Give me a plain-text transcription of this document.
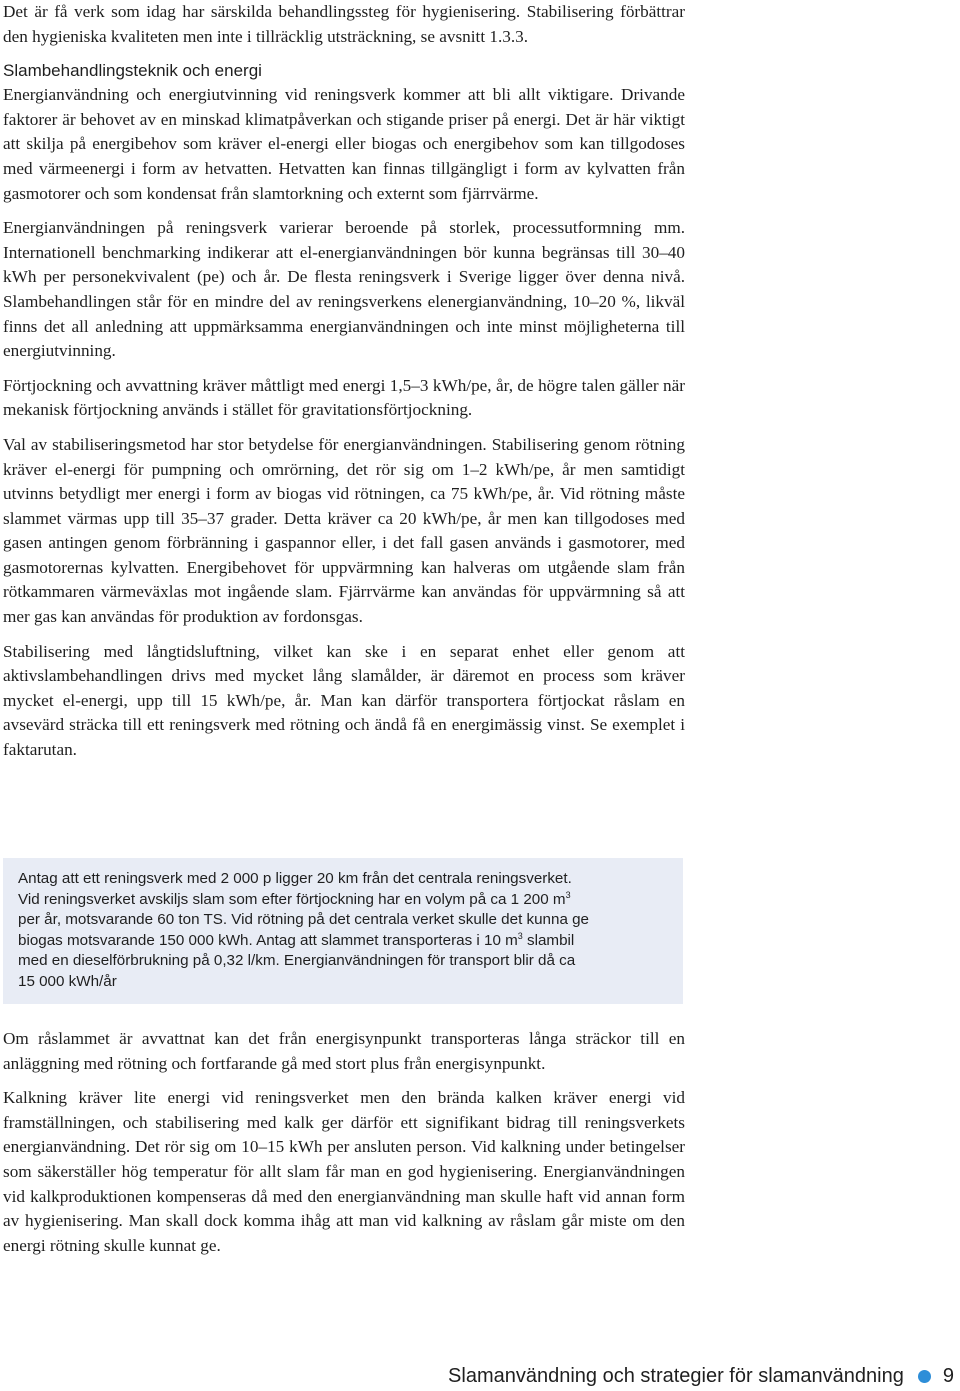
Det är få verk som idag har särskilda behandlingssteg för hygienisering. Stabilisering förbättrar den hygieniska kvaliteten men inte i tillräcklig utsträckning, se avsnitt 1.3.3.

Slambehandlingsteknik och energi

Energianvändning och energiutvinning vid reningsverk kommer att bli allt viktigare. Drivande faktorer är behovet av en minskad klimatpåverkan och stigande priser på energi. Det är här viktigt att skilja på energibehov som kräver el-energi eller biogas och energibehov som kan tillgodoses med värmeenergi i form av hetvatten. Hetvatten kan finnas tillgängligt i form av kylvatten från gasmotorer och som kondensat från slamtorkning och externt som fjärrvärme.

Energianvändningen på reningsverk varierar beroende på storlek, processutformning mm. Internationell benchmarking indikerar att el-energianvändningen bör kunna begränsas till 30–40 kWh per personekvivalent (pe) och år. De flesta reningsverk i Sverige ligger över denna nivå. Slambehandlingen står för en mindre del av reningsverkens elenergianvändning, 10–20 %, likväl finns det all anledning att uppmärksamma energianvändningen och inte minst möjligheterna till energiutvinning.

Förtjockning och avvattning kräver måttligt med energi 1,5–3 kWh/pe, år, de högre talen gäller när mekanisk förtjockning används i stället för gravitationsförtjockning.

Val av stabiliseringsmetod har stor betydelse för energianvändningen. Stabilisering genom rötning kräver el-energi för pumpning och omrörning, det rör sig om 1–2 kWh/pe, år men samtidigt utvinns betydligt mer energi i form av biogas vid rötningen, ca 75 kWh/pe, år. Vid rötning måste slammet värmas upp till 35–37 grader. Detta kräver ca 20 kWh/pe, år men kan tillgodoses med gasen antingen genom förbränning i gaspannor eller, i det fall gasen används i gasmotorer, med gasmotorernas kylvatten. Energibehovet för uppvärmning kan halveras om utgående slam från rötkammaren värmeväxlas mot ingående slam. Fjärrvärme kan användas för uppvärmning så att mer gas kan användas för produktion av fordonsgas.

Stabilisering med långtidsluftning, vilket kan ske i en separat enhet eller genom att aktivslambehandlingen drivs med mycket lång slamålder, är däremot en process som kräver mycket el-energi, upp till 15 kWh/pe, år. Man kan därför transportera förtjockat råslam en avsevärd sträcka till ett reningsverk med rötning och ändå få en energimässig vinst. Se exemplet i faktarutan.

Antag att ett reningsverk med 2 000 p ligger 20 km från det centrala reningsverket.
Vid reningsverket avskiljs slam som efter förtjockning har en volym på ca 1 200 $m^3$
per år, motsvarande 60 ton TS. Vid rötning på det centrala verket skulle det kunna ge
biogas motsvarande 150 000 kWh. Antag att slammet transporteras i 10 $m^3$ slambil
med en dieselförbrukning på 0,32 l/km. Energianvändningen för transport blir då ca
15 000 kWh/år

Om råslammet är avvattnat kan det från energisynpunkt transporteras långa sträckor till en anläggning med rötning och fortfarande gå med stort plus från energisynpunkt.

Kalkning kräver lite energi vid reningsverket men den brända kalken kräver energi vid framställningen, och stabilisering med kalk ger därför ett signifikant bidrag till reningsverkets energianvändning. Det rör sig om 10–15 kWh per ansluten person. Vid kalkning under betingelser som säkerställer hög temperatur för allt slam får man en god hygienisering. Energianvändningen vid kalkproduktionen kompenseras då med den energianvändning man skulle haft vid annan form av hygienisering. Man skall dock komma ihåg att man vid kalkning av råslam går miste om den energi rötning skulle kunnat ge.

Slamanvändning och strategier för slamanvändning 9
